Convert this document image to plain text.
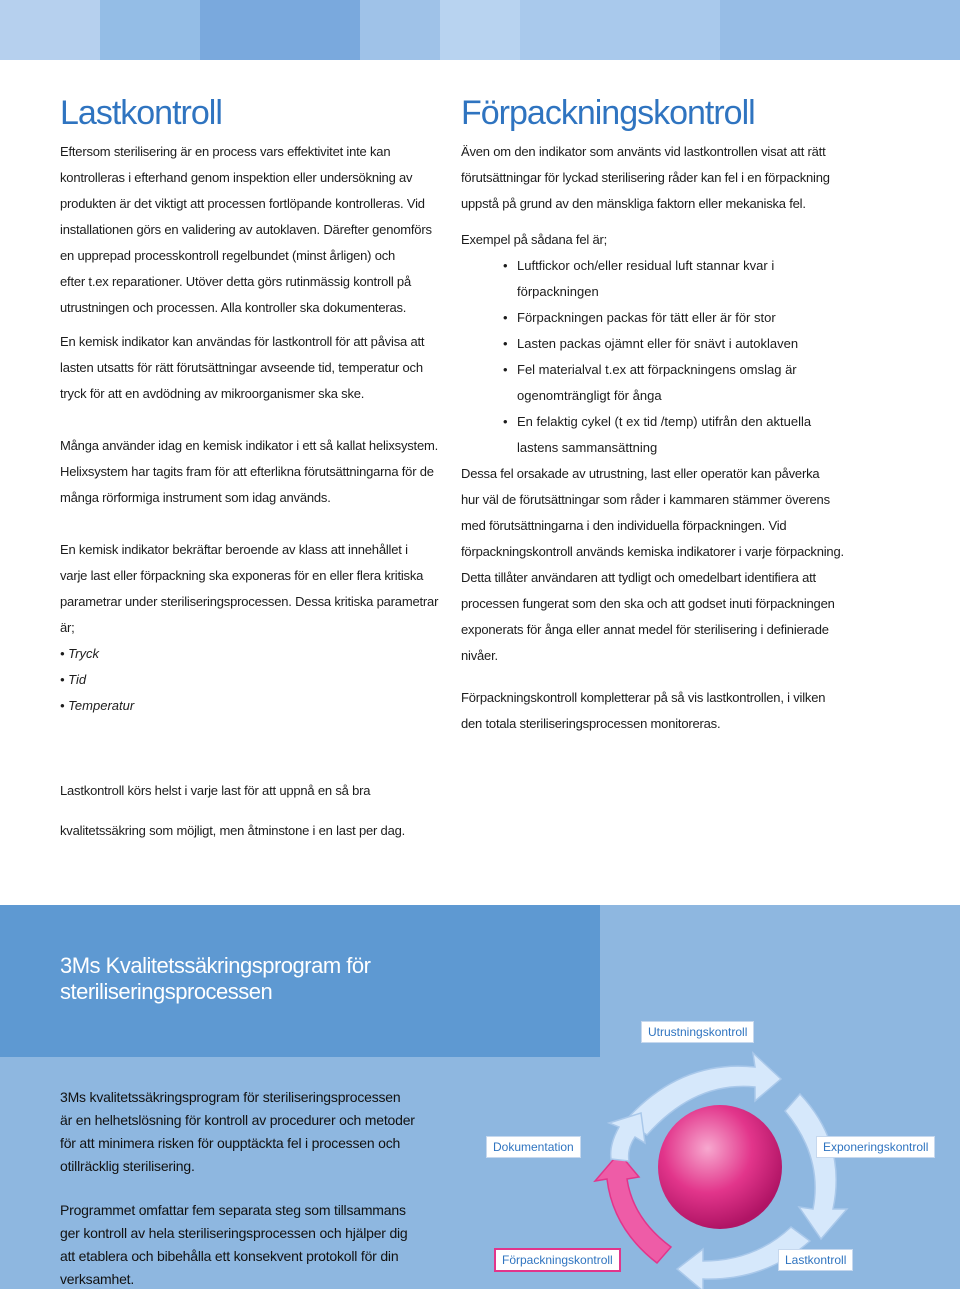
Lastkontroll

Eftersom sterilisering är en process vars effektivitet inte kan
kontrolleras i efterhand genom inspektion eller undersökning av
produkten är det viktigt att processen fortlöpande kontrolleras. Vid
installationen görs en validering av autoklaven. Därefter genomförs
en upprepad processkontroll regelbundet (minst årligen) och
efter t.ex reparationer. Utöver detta görs rutinmässig kontroll på
utrustningen och processen. Alla kontroller ska dokumenteras.

En kemisk indikator kan användas för lastkontroll för att påvisa att
lasten utsatts för rätt förutsättningar avseende tid, temperatur och
tryck för att en avdödning av mikroorganismer ska ske.

Många använder idag en kemisk indikator i ett så kallat helixsystem.
Helixsystem har tagits fram för att efterlikna förutsättningarna för de
många rörformiga instrument som idag används.

En kemisk indikator bekräftar beroende av klass att innehållet i
varje last eller förpackning ska exponeras för en eller flera kritiska
parametrar under steriliseringsprocessen. Dessa kritiska parametrar
är;

• Tryck
• Tid
• Temperatur

Lastkontroll körs helst i varje last för att uppnå en så bra
kvalitetssäkring som möjligt, men åtminstone i en last per dag.

Förpackningskontroll

Även om den indikator som använts vid lastkontrollen visat att rätt
förutsättningar för lyckad sterilisering råder kan fel i en förpackning
uppstå på grund av den mänskliga faktorn eller mekaniska fel.

Exempel på sådana fel är;

• Luftfickor och/eller residual luft stannar kvar i
förpackningen
• Förpackningen packas för tätt eller är för stor
• Lasten packas ojämnt eller för snävt i autoklaven
• Fel materialval t.ex att förpackningens omslag är
ogenomträngligt för ånga
• En felaktig cykel (t ex tid /temp) utifrån den aktuella
lastens sammansättning

Dessa fel orsakade av utrustning, last eller operatör kan påverka
hur väl de förutsättningar som råder i kammaren stämmer överens
med förutsättningarna i den individuella förpackningen. Vid
förpackningskontroll används kemiska indikatorer i varje förpackning.
Detta tillåter användaren att tydligt och omedelbart identifiera att
processen fungerat som den ska och att godset inuti förpackningen
exponerats för ånga eller annat medel för sterilisering i definierade
nivåer.

Förpackningskontroll kompletterar på så vis lastkontrollen, i vilken
den totala steriliseringsprocessen monitoreras.

3Ms Kvalitetssäkringsprogram för
steriliseringsprocessen
3Ms kvalitetssäkringsprogram för steriliseringsprocessen
är en helhetslösning för kontroll av procedurer och metoder
för att minimera risken för oupptäckta fel i processen och
otillräcklig sterilisering.
Programmet omfattar fem separata steg som tillsammans
ger kontroll av hela steriliseringsprocessen och hjälper dig
att etablera och bibehålla ett konsekvent protokoll för din
verksamhet.
Utrustningskontroll
Dokumentation	Exponeringskontroll
Förpackningskontroll	Lastkontroll
